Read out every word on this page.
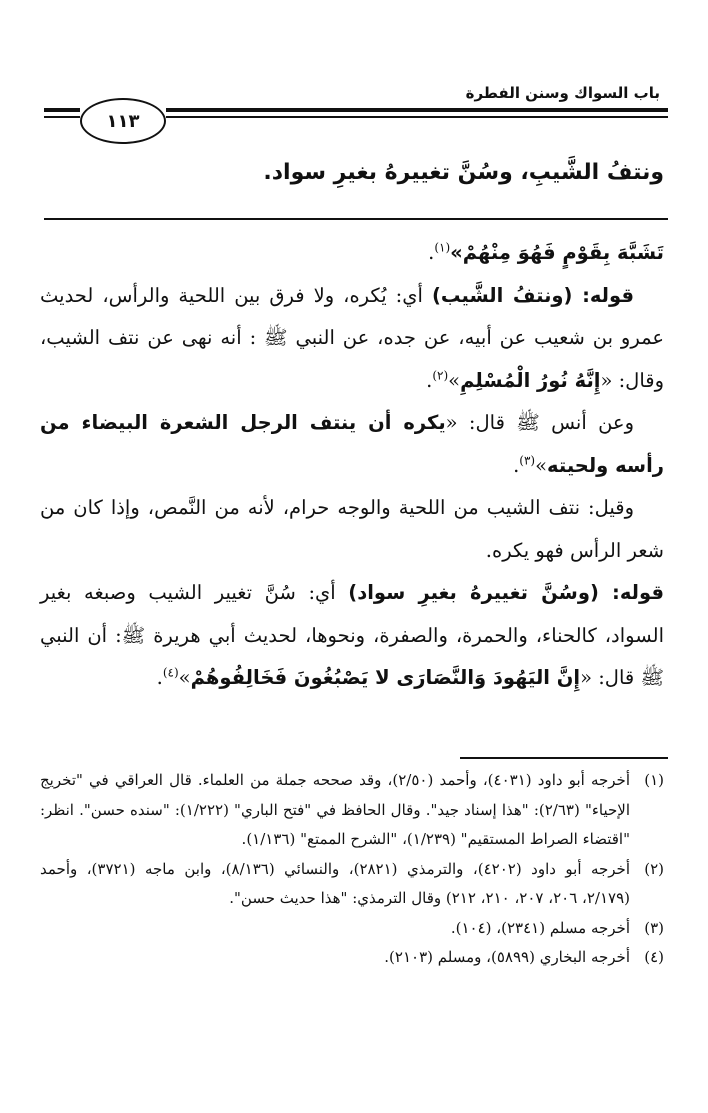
باب السواك وسنن الفطرة
١١٣
ونتفُ الشَّيبِ، وسُنَّ تغييرهُ بغيرِ سواد.

تَشَبَّهَ بِقَوْمٍ فَهُوَ مِنْهُمْ»$^{(١)}$.

قوله: (ونتفُ الشَّيب) أي: يُكره، ولا فرق بين اللحية والرأس، لحديث عمرو بن شعيب عن أبيه، عن جده، عن النبي ﷺ : أنه نهى عن نتف الشيب، وقال: «إِنَّهُ نُورُ الْمُسْلِمِ»$^{(٢)}$.

وعن أنس ﷺ قال: «يكره أن ينتف الرجل الشعرة البيضاء من رأسه ولحيته»$^{(٣)}$.

وقيل: نتف الشيب من اللحية والوجه حرام، لأنه من النَّمص، وإذا كان من شعر الرأس فهو يكره.

قوله: (وسُنَّ تغييرهُ بغيرِ سواد) أي: سُنَّ تغيير الشيب وصبغه بغير السواد، كالحناء، والحمرة، والصفرة، ونحوها، لحديث أبي هريرة ﷺ: أن النبي ﷺ قال: «إِنَّ اليَهُودَ وَالنَّصَارَى لا يَصْبُغُونَ فَخَالِفُوهُمْ»$^{(٤)}$.

(١)
أخرجه أبو داود (٤٠٣١)، وأحمد (٢/٥٠)، وقد صححه جملة من العلماء. قال العراقي في "تخريج الإحياء" (٢/٦٣): "هذا إسناد جيد". وقال الحافظ في "فتح الباري" (١/٢٢٢): "سنده حسن". انظر: "اقتضاء الصراط المستقيم" (١/٢٣٩)، "الشرح الممتع" (١/١٣٦).
(٢)
أخرجه أبو داود (٤٢٠٢)، والترمذي (٢٨٢١)، والنسائي (٨/١٣٦)، وابن ماجه (٣٧٢١)، وأحمد (٢/١٧٩، ٢٠٦، ٢٠٧، ٢١٠، ٢١٢) وقال الترمذي: "هذا حديث حسن".
(٣)
أخرجه مسلم (٢٣٤١)، (١٠٤).
(٤)
أخرجه البخاري (٥٨٩٩)، ومسلم (٢١٠٣).
